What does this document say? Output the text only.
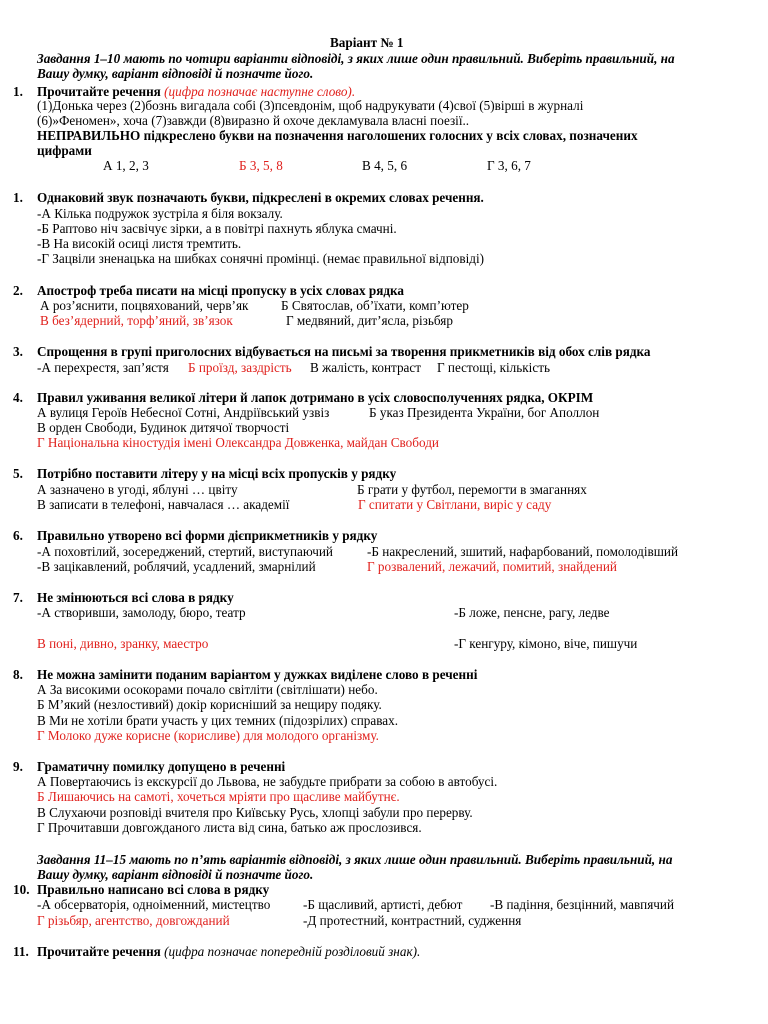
Варіант № 1
Завдання 1–10 мають по чотири варіанти відповіді, з яких лише один правильний. Виберіть правильний, на
Вашу думку, варіант відповіді й позначте його.
1. Прочитайте речення (цифра позначає наступне слово).
(1)Донька через (2)бознь вигадала собі (3)псевдонім, щоб надрукувати (4)свої (5)вірші в журналі
(6)»Феномен», хоча (7)завжди (8)виразно й охоче декламувала власні поезії..
НЕПРАВИЛЬНО підкреслено букви на позначення наголошених голосних у всіх словах, позначених
цифрами
А 1, 2, 3	Б 3, 5, 8	В 4, 5, 6	Г 3, 6, 7
1. Однаковий звук позначають букви, підкреслені в окремих словах речення.
-А Кілька подружок зустріла я біля вокзалу.
-Б Раптово ніч засвічує зірки, а в повітрі пахнуть яблука смачні.
-В На високій осиці листя тремтить.
-Г Зацвіли зненацька на шибках сонячні промінці. (немає правильної відповіді)
2. Апостроф треба писати на місці пропуску в усіх словах рядка
А роз’яснити, поцвяхований, черв’як Б Святослав, об’їхати, комп’ютер
В без’ядерний, торф’яний, зв’язок	Г медвяний, дит’ясла, різьбяр
3. Спрощення в групі приголосних відбувається на письмі за творення прикметників від обох слів рядка
-А перехрестя, зап’ястя Б проїзд, заздрість В жалість, контраст Г пестощі, кількість
4. Правил уживання великої літери й лапок дотримано в усіх словосполученнях рядка, ОКРІМ
А вулиця Героїв Небесної Сотні, Андріївський узвіз	Б указ Президента України, бог Аполлон
В орден Свободи, Будинок дитячої творчості
Г Національна кіностудія імені Олександра Довженка, майдан Свободи
5. Потрібно поставити літеру у на місці всіх пропусків у рядку
А зазначено в угоді, яблуні … цвіту	Б грати у футбол, перемогти в змаганнях
В записати в телефоні, навчалася … академії	Г спитати у Світлани, виріс у саду
6. Правильно утворено всі форми дієприкметників у рядку
-А поховтілий, зосереджений, стертий, виступаючий	-Б накреслений, зшитий, нафарбований, помолодівший
-В зацікавлений, роблячий, усадлений, змарнілий	Г розвалений, лежачий, помитий, знайдений
7. Не змінюються всі слова в рядку
-А створивши, замолоду, бюро, театр	-Б ложе, пенсне, рагу, ледве
В поні, дивно, зранку, маестро	-Г кенгуру, кімоно, віче, пишучи
8. Не можна замінити поданим варіантом у дужках виділене слово в реченні
А За високими осокорами почало світліти (світлішати) небо.
Б М’який (незлостивий) докір корисніший за нещиру подяку.
В Ми не хотіли брати участь у цих темних (підозрілих) справах.
Г Молоко дуже корисне (корисливе) для молодого організму.
9. Граматичну помилку допущено в реченні
А Повертаючись із екскурсії до Львова, не забудьте прибрати за собою в автобусі.
Б Лишаючись на самоті, хочеться мріяти про щасливе майбутнє.
В Слухаючи розповіді вчителя про Київську Русь, хлопці забули про перерву.
Г Прочитавши довгожданого листа від сина, батько аж прослозився.
Завдання 11–15 мають по п’ять варіантів відповіді, з яких лише один правильний. Виберіть правильний, на
Вашу думку, варіант відповіді й позначте його.
10. Правильно написано всі слова в рядку
-А обсерваторія, одноіменний, мистецтво -Б щасливий, артисті, дебют -В падіння, безцінний, мавпячий
Г різьбяр, агентство, довгожданий	-Д протестний, контрастний, судження
11. Прочитайте речення (цифра позначає попередній розділовий знак).
